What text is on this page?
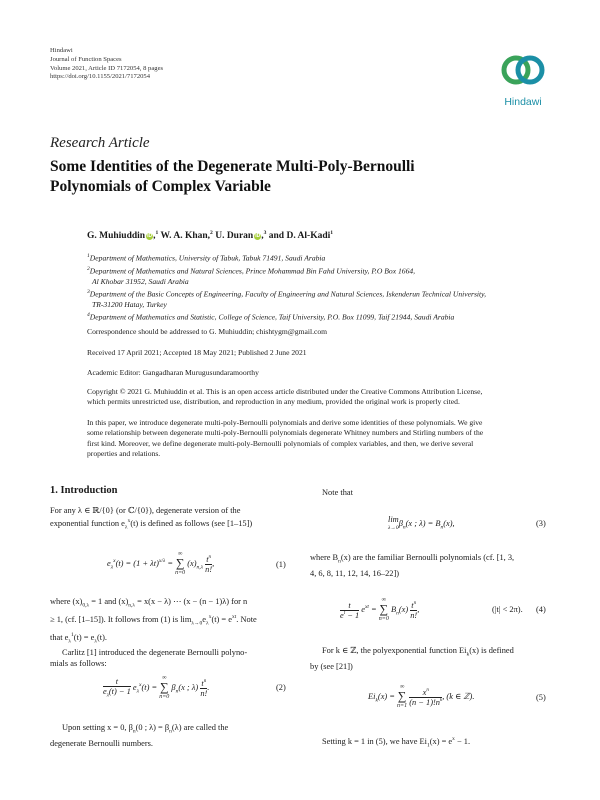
Hindawi
Journal of Function Spaces
Volume 2021, Article ID 7172054, 8 pages
https://doi.org/10.1155/2021/7172054
Hindawi
Research Article
Some Identities of the Degenerate Multi-Poly-Bernoulli
Polynomials of Complex Variable
G. Muhiuddin iD,$^1$ W. A. Khan,$^2$ U. Duran iD,$^3$ and D. Al-Kadi$^1$
$^1$Department of Mathematics, University of Tabuk, Tabuk 71491, Saudi Arabia
$^2$Department of Mathematics and Natural Sciences, Prince Mohammad Bin Fahd University, P.O Box 1664,
Al Khobar 31952, Saudi Arabia
$^3$Department of the Basic Concepts of Engineering, Faculty of Engineering and Natural Sciences, Iskenderun Technical University,
TR-31200 Hatay, Turkey
$^4$Department of Mathematics and Statistic, College of Science, Taif University, P.O. Box 11099, Taif 21944, Saudi Arabia
Correspondence should be addressed to G. Muhiuddin; chishtygm@gmail.com
Received 17 April 2021; Accepted 18 May 2021; Published 2 June 2021
Academic Editor: Gangadharan Murugusundaramoorthy
Copyright © 2021 G. Muhiuddin et al. This is an open access article distributed under the Creative Commons Attribution License,
which permits unrestricted use, distribution, and reproduction in any medium, provided the original work is properly cited.
In this paper, we introduce degenerate multi-poly-Bernoulli polynomials and derive some identities of these polynomials. We give
some relationship between degenerate multi-poly-Bernoulli polynomials degenerate Whitney numbers and Stirling numbers of the
first kind. Moreover, we define degenerate multi-poly-Bernoulli polynomials of complex variables, and then, we derive several
properties and relations.
1. Introduction
For any λ ∈ ℝ/{0} (or ℂ/{0}), degenerate version of the
exponential function $e_\lambda^x(t)$ is defined as follows (see [1–15])
$e_\lambda^x(t) = (1 + \lambda t)^{x/\lambda}$ = ∞
∑
n=0 $(x)_{n,\lambda} \frac{t^n}{n!}$ ,	(1)
where $(x)_{0,\lambda} = 1$ and $(x)_{n,\lambda} = x(x - \lambda)$ ⋯ (x − (n − 1)λ) for n
≥ 1, (cf. [1–15]). It follows from (1) is $\lim_{\lambda\to 0}e_\lambda^x(t) = e^{xt}$. Note
that $e_\lambda^1(t) = e_\lambda(t)$.
Carlitz [1] introduced the degenerate Bernoulli polyno-
mials as follows:
$\frac{t}{e_\lambda(t) - 1} e_\lambda^x(t)$ = ∞
∑
n=0 $\beta_n(x$ ; $\lambda) \frac{t^n}{n!}$ .	(2)
Upon setting x = 0, $\beta_n(0$ ; $\lambda) = \beta_n(\lambda)$ are called the
degenerate Bernoulli numbers.
Note that
lim
$\lambda\to 0\beta_n(x$ ; $\lambda) = B_n(x)$,	(3)
where $B_n(x)$ are the familiar Bernoulli polynomials (cf. [1, 3,
4, 6, 8, 11, 12, 14, 16–22])
$\frac{t}{e^t - 1} e^{xt}$ = ∞
∑
n=0 $B_n(x) \frac{t^n}{n!}$ ,	(|t| < 2π). (4)
For k ∈ ℤ, the polyexponential function $Ei_k(x)$ is defined
by (see [21])
$Ei_k(x)$ = ∞
∑
$n=1 \frac{x^n}{(n - 1)!n^k}$ , (k ∈ ℤ).	(5)
Setting k = 1 in (5), we have $Ei_1(x) = e^x - 1$.
